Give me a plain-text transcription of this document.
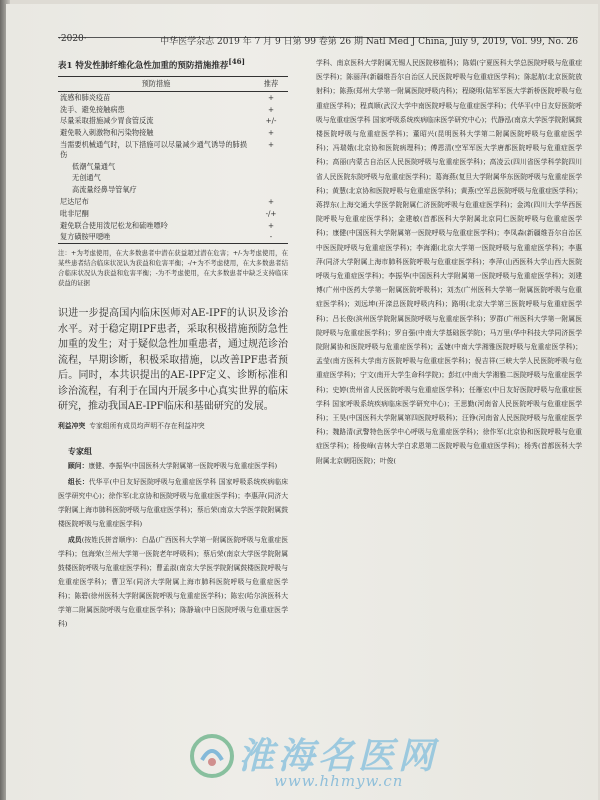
·2020·	中华医学杂志 2019 年 7 月 9 日第 99 卷第 26 期 Natl Med J China, July 9, 2019, Vol. 99, No. 26
表1 特发性肺纤维化急性加重的预防措施推荐[46]
预防措施	推荐
流感和肺炎疫苗	+
洗手、避免接触病患	+
尽量采取措施减少胃食管反流	+/-
避免吸入刺激物和污染物接触	+
当需要机械通气时，以下措施可以尽量减少通气诱导的肺损伤	+
低潮气量通气	
无创通气	
高流量经鼻导管氧疗	
尼达尼布	+
吡非尼酮	-/+
避免联合使用泼尼松龙和硫唑嘌呤	+
复方磺胺甲噁唑	-
注：+为考虑使用，在大多数患者中潜在获益超过潜在危害；+/-为考虑使用，在某些患者结合临床状况认为获益和危害平衡；-/+为不考虑使用，在大多数患者结合临床状况认为获益和危害平衡；-为不考虑使用，在大多数患者中缺乏支持临床获益的证据
识进一步提高国内临床医师对AE-IPF的认识及诊治水平。对于稳定期IPF患者，采取积极措施预防急性加重的发生；对于疑似急性加重患者，通过规范诊治流程，早期诊断，积极采取措施，以改善IPF患者预后。同时，本共识提出的AE-IPF定义、诊断标准和诊治流程，有利于在国内开展多中心真实世界的临床研究，推动我国AE-IPF临床和基础研究的发展。
利益冲突 专家组所有成员均声明不存在利益冲突
专家组
顾问：康健、李振华(中国医科大学附属第一医院呼吸与危重症医学科)
组长：代华平(中日友好医院呼吸与危重症医学科 国家呼吸系统疾病临床医学研究中心)；徐作军(北京协和医院呼吸与危重症医学科)；李惠萍(同济大学附属上海市肺科医院呼吸与危重症医学科)；蔡后荣(南京大学医学院附属鼓楼医院呼吸与危重症医学科)
成员(按姓氏拼音顺序)：白晶(广西医科大学第一附属医院呼吸与危重症医学科)；包海荣(兰州大学第一医院老年呼吸科)；蔡后荣(南京大学医学院附属鼓楼医院呼吸与危重症医学科)；曹孟淑(南京大学医学院附属鼓楼医院呼吸与危重症医学科)；曹卫军(同济大学附属上海市肺科医院呼吸与危重症医学科)；陈碧(徐州医科大学附属医院呼吸与危重症医学科)；陈宏(哈尔滨医科大学第二附属医院呼吸与危重症医学科)；陈静瑜(中日医院呼吸与危重症医学科)
学科、南京医科大学附属无锡人民医院移植科)；陈娟(宁夏医科大学总医院呼吸与危重症医学科)；陈丽萍(新疆维吾尔自治区人民医院呼吸与危重症医学科)；陈起航(北京医院放射科)；陈燕(郑州大学第一附属医院呼吸内科)；程晓明(陆军军医大学新桥医院呼吸与危重症医学科)；程真顺(武汉大学中南医院呼吸与危重症医学科)；代华平(中日友好医院呼吸与危重症医学科 国家呼吸系统疾病临床医学研究中心)；代静泓(南京大学医学院附属鼓楼医院呼吸与危重症医学科)；董昭兴(昆明医科大学第二附属医院呼吸与危重症医学科)；冯瑞娥(北京协和医院病理科)；傅恩清(空军军医大学唐都医院呼吸与危重症医学科)；高丽(内蒙古自治区人民医院呼吸与危重症医学科)；高凌云(四川省医学科学院四川省人民医院东院呼吸与危重症医学科)；葛海燕(复旦大学附属华东医院呼吸与危重症医学科)；黄慧(北京协和医院呼吸与危重症医学科)；黄燕(空军总医院呼吸与危重症医学科)；蒋捍东(上海交通大学医学院附属仁济医院呼吸与危重症医学科)；金鸿(四川大学华西医院呼吸与危重症医学科)；金建敏(首都医科大学附属北京同仁医院呼吸与危重症医学科)；康健(中国医科大学附属第一医院呼吸与危重症医学科)；李凤森(新疆维吾尔自治区中医医院呼吸与危重症医学科)；李海潮(北京大学第一医院呼吸与危重症医学科)；李惠萍(同济大学附属上海市肺科医院呼吸与危重症医学科)；李萍(山西医科大学山西大医院呼吸与危重症医学科)；李振华(中国医科大学附属第一医院呼吸与危重症医学科)；刘建博(广州中医药大学第一附属医院呼吸科)；刘杰(广州医科大学第一附属医院呼吸与危重症医学科)；刘远坤(开滦总医院呼吸内科)；路明(北京大学第三医院呼吸与危重症医学科)；吕长俊(滨州医学院附属医院呼吸与危重症医学科)；罗群(广州医科大学第一附属医院呼吸与危重症医学科)；罗自强(中南大学基础医学院)；马万里(华中科技大学同济医学院附属协和医院呼吸与危重症医学科)；孟婕(中南大学湘雅医院呼吸与危重症医学科)；孟莹(南方医科大学南方医院呼吸与危重症医学科)；倪吉祥(三峡大学人民医院呼吸与危重症医学科)；宁文(南开大学生命科学院)；彭红(中南大学湘雅二医院呼吸与危重症医学科)；史婷(贵州省人民医院呼吸与危重症医学科)；任雁宏(中日友好医院呼吸与危重症医学科 国家呼吸系统疾病临床医学研究中心)；王思勤(河南省人民医院呼吸与危重症医学科)；王昊(中国医科大学附属第四医院呼吸科)；汪铮(河南省人民医院呼吸与危重症医学科)；魏路清(武警特色医学中心呼吸与危重症医学科)；徐作军(北京协和医院呼吸与危重症医学科)；杨俊峰(吉林大学白求恩第二医院呼吸与危重症医学科)；杨秀(首都医科大学附属北京朝阳医院)；叶俊(
淮海名医网
www.hhmyw.cn
